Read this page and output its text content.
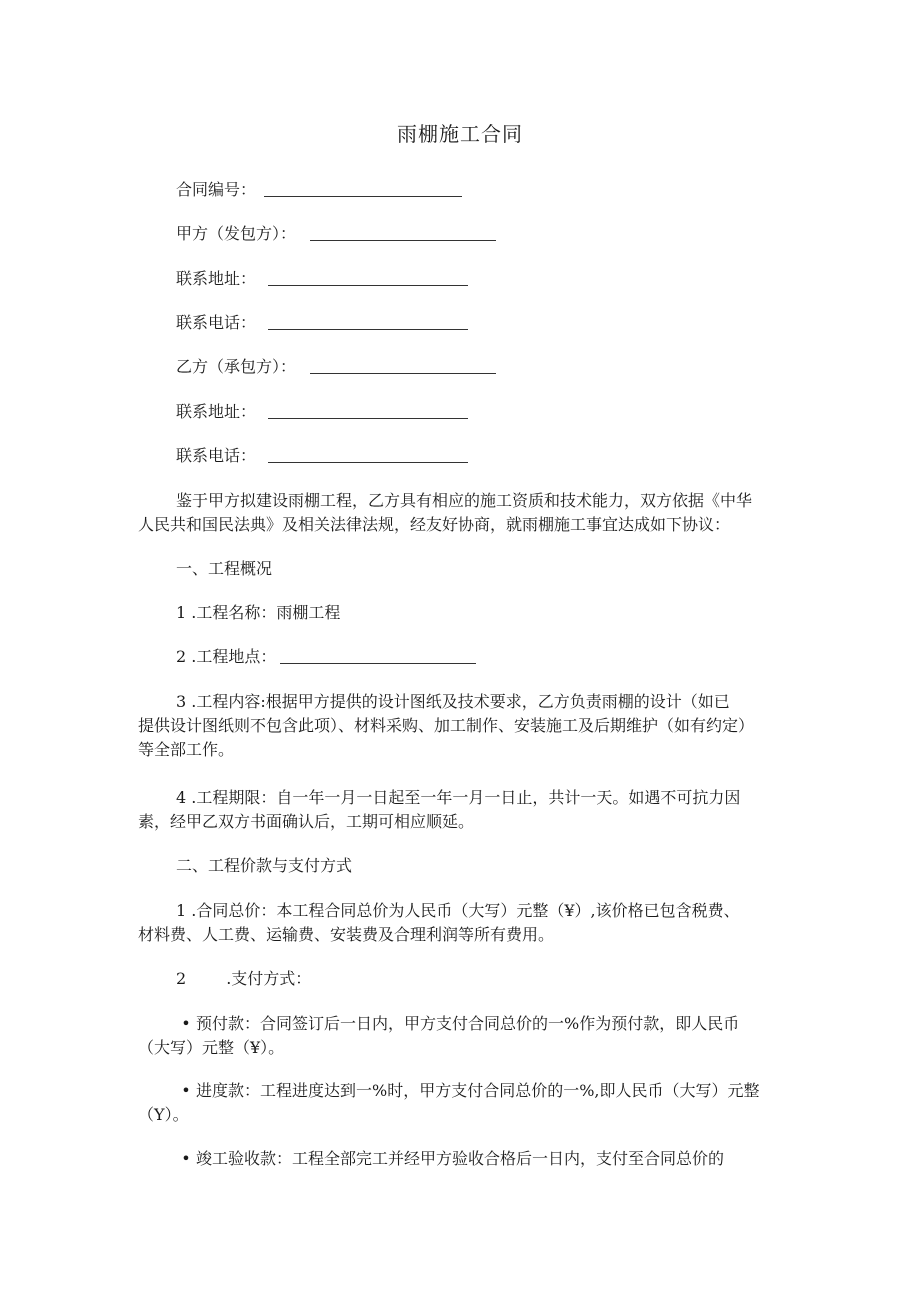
雨棚施工合同
合同编号：
甲方（发包方）：
联系地址：
联系电话：
乙方（承包方）：
联系地址：
联系电话：
鉴于甲方拟建设雨棚工程，乙方具有相应的施工资质和技术能力，双方依据《中华
人民共和国民法典》及相关法律法规，经友好协商，就雨棚施工事宜达成如下协议：
一、工程概况
1 .工程名称：雨棚工程
2 .工程地点：
3 .工程内容:根据甲方提供的设计图纸及技术要求，乙方负责雨棚的设计（如已
提供设计图纸则不包含此项）、材料采购、加工制作、安装施工及后期维护（如有约定）
等全部工作。
4 .工程期限：自一年一月一日起至一年一月一日止，共计一天。如遇不可抗力因
素，经甲乙双方书面确认后，工期可相应顺延。
二、工程价款与支付方式
1 .合同总价：本工程合同总价为人民币（大写）元整（¥）,该价格已包含税费、
材料费、人工费、运输费、安装费及合理利润等所有费用。
2	.支付方式：
• 预付款：合同签订后一日内，甲方支付合同总价的一%作为预付款，即人民币
（大写）元整（¥）。
• 进度款：工程进度达到一%时，甲方支付合同总价的一%,即人民币（大写）元整
（Y）。
• 竣工验收款：工程全部完工并经甲方验收合格后一日内，支付至合同总价的
